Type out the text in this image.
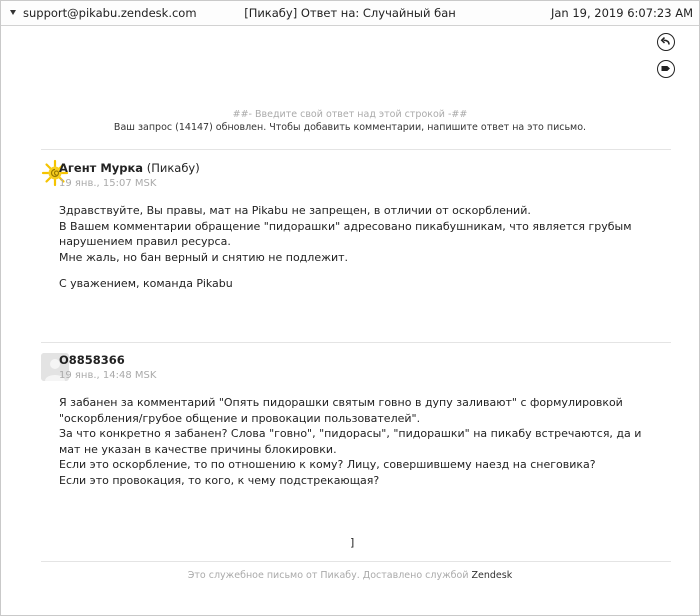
support@pikabu.zendesk.com	[Пикабу] Ответ на: Случайный бан	Jan 19, 2019 6:07:23 AM
##- Введите свой ответ над этой строкой -##
Ваш запрос (14147) обновлен. Чтобы добавить комментарии, напишите ответ на это письмо.
Агент Мурка (Пикабу)
19 янв., 15:07 MSK

Здравствуйте, Вы правы, мат на Pikabu не запрещен, в отличии от оскорблений.

В Вашем комментарии обращение "пидорашки" адресовано пикабушникам, что является грубым нарушением правил ресурса.

Мне жаль, но бан верный и снятию не подлежит.

С уважением, команда Pikabu

O8858366
19 янв., 14:48 MSK

Я забанен за комментарий "Опять пидорашки святым говно в дупу заливают" с формулировкой "оскорбления/грубое общение и провокации пользователей".

За что конкретно я забанен? Слова "говно", "пидорасы", "пидорашки" на пикабу встречаются, да и мат не указан в качестве причины блокировки.

Если это оскорбление, то по отношению к кому? Лицу, совершившему наезд на снеговика?

Если это провокация, то кого, к чему подстрекающая?

]
Это служебное письмо от Пикабу. Доставлено службой Zendesk
